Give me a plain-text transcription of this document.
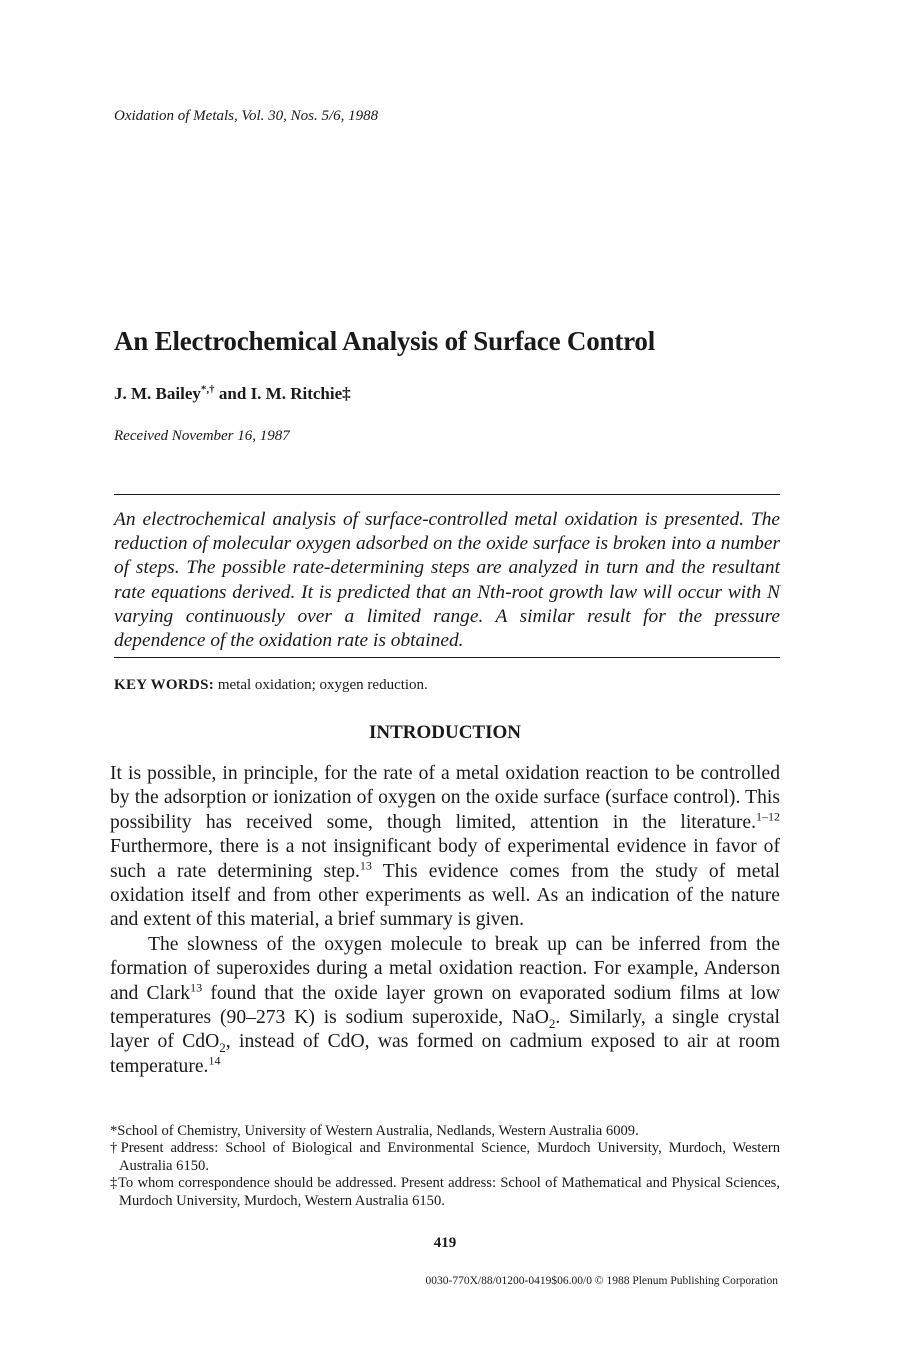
Oxidation of Metals, Vol. 30, Nos. 5/6, 1988
An Electrochemical Analysis of Surface Control
J. M. Bailey*,† and I. M. Ritchie‡
Received November 16, 1987

An electrochemical analysis of surface-controlled metal oxidation is presented. The reduction of molecular oxygen adsorbed on the oxide surface is broken into a number of steps. The possible rate-determining steps are analyzed in turn and the resultant rate equations derived. It is predicted that an Nth-root growth law will occur with N varying continuously over a limited range. A similar result for the pressure dependence of the oxidation rate is obtained.

KEY WORDS: metal oxidation; oxygen reduction.
INTRODUCTION

It is possible, in principle, for the rate of a metal oxidation reaction to be controlled by the adsorption or ionization of oxygen on the oxide surface (surface control). This possibility has received some, though limited, attention in the literature.$^{1-12}$ Furthermore, there is a not insignificant body of experimental evidence in favor of such a rate determining step.$^{13}$ This evidence comes from the study of metal oxidation itself and from other experiments as well. As an indication of the nature and extent of this material, a brief summary is given.

The slowness of the oxygen molecule to break up can be inferred from the formation of superoxides during a metal oxidation reaction. For example, Anderson and Clark$^{13}$ found that the oxide layer grown on evaporated sodium films at low temperatures (90–273 K) is sodium superoxide, NaO$_2$. Similarly, a single crystal layer of CdO$_2$, instead of CdO, was formed on cadmium exposed to air at room temperature.$^{14}$

*School of Chemistry, University of Western Australia, Nedlands, Western Australia 6009.
†Present address: School of Biological and Environmental Science, Murdoch University, Murdoch, Western Australia 6150.
‡To whom correspondence should be addressed. Present address: School of Mathematical and Physical Sciences, Murdoch University, Murdoch, Western Australia 6150.
419
0030-770X/88/01200-0419$06.00/0 © 1988 Plenum Publishing Corporation
